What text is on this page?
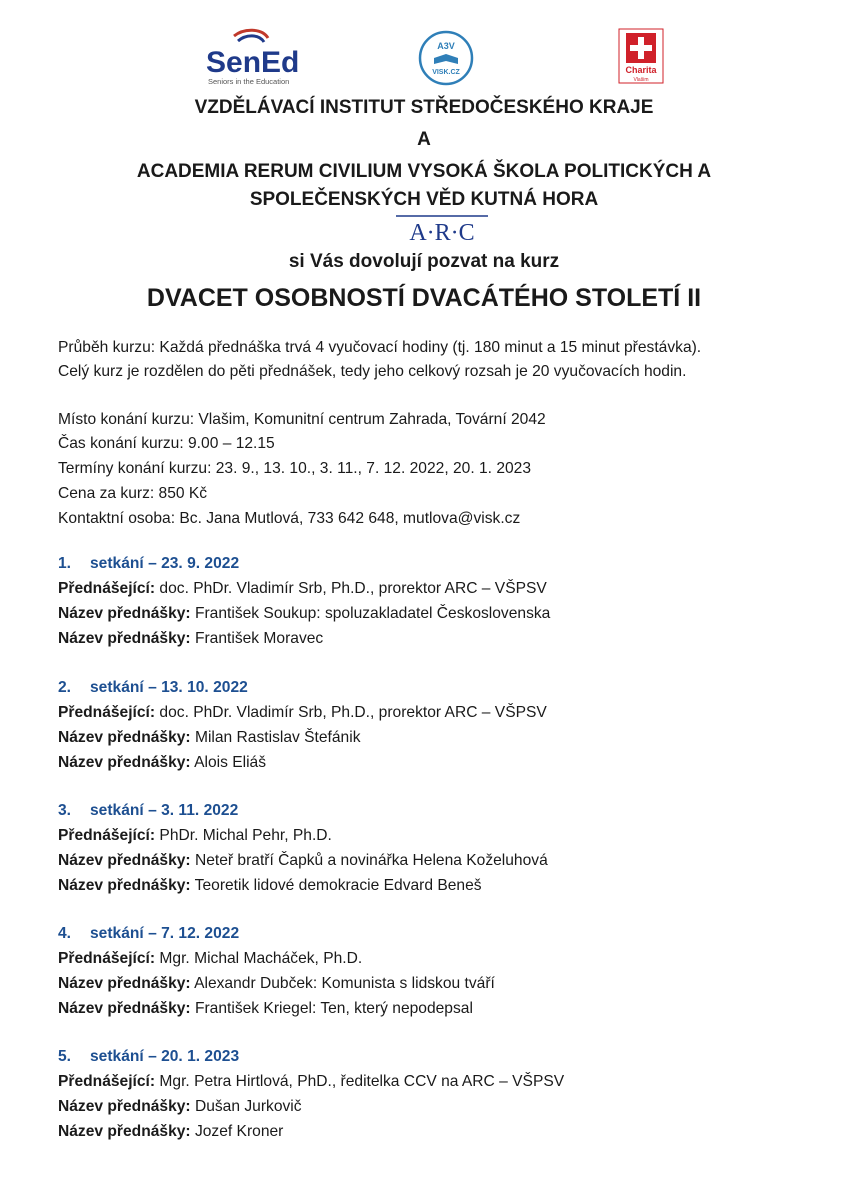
SenEd
Seniors in the Education
A3V
VISK.CZ	Charita
Vlašim
VZDĚLÁVACÍ INSTITUT STŘEDOČESKÉHO KRAJE
A
ACADEMIA RERUM CIVILIUM VYSOKÁ ŠKOLA POLITICKÝCH A
SPOLEČENSKÝCH VĚD KUTNÁ HORA
A·R·C
si Vás dovolují pozvat na kurz
DVACET OSOBNOSTÍ DVACÁTÉHO STOLETÍ II
Průběh kurzu: Každá přednáška trvá 4 vyučovací hodiny (tj. 180 minut a 15 minut přestávka).
Celý kurz je rozdělen do pěti přednášek, tedy jeho celkový rozsah je 20 vyučovacích hodin.
Místo konání kurzu: Vlašim, Komunitní centrum Zahrada, Tovární 2042
Čas konání kurzu: 9.00 – 12.15
Termíny konání kurzu: 23. 9., 13. 10., 3. 11., 7. 12. 2022, 20. 1. 2023
Cena za kurz: 850 Kč
Kontaktní osoba: Bc. Jana Mutlová, 733 642 648, mutlova@visk.cz
1. setkání – 23. 9. 2022
Přednášející: doc. PhDr. Vladimír Srb, Ph.D., prorektor ARC – VŠPSV
Název přednášky: František Soukup: spoluzakladatel Československa
Název přednášky: František Moravec
2. setkání – 13. 10. 2022
Přednášející: doc. PhDr. Vladimír Srb, Ph.D., prorektor ARC – VŠPSV
Název přednášky: Milan Rastislav Štefánik
Název přednášky: Alois Eliáš
3. setkání – 3. 11. 2022
Přednášející: PhDr. Michal Pehr, Ph.D.
Název přednášky: Neteř bratří Čapků a novinářka Helena Koželuhová
Název přednášky: Teoretik lidové demokracie Edvard Beneš
4. setkání – 7. 12. 2022
Přednášející: Mgr. Michal Macháček, Ph.D.
Název přednášky: Alexandr Dubček: Komunista s lidskou tváří
Název přednášky: František Kriegel: Ten, který nepodepsal
5. setkání – 20. 1. 2023
Přednášející: Mgr. Petra Hirtlová, PhD., ředitelka CCV na ARC – VŠPSV
Název přednášky: Dušan Jurkovič
Název přednášky: Jozef Kroner
